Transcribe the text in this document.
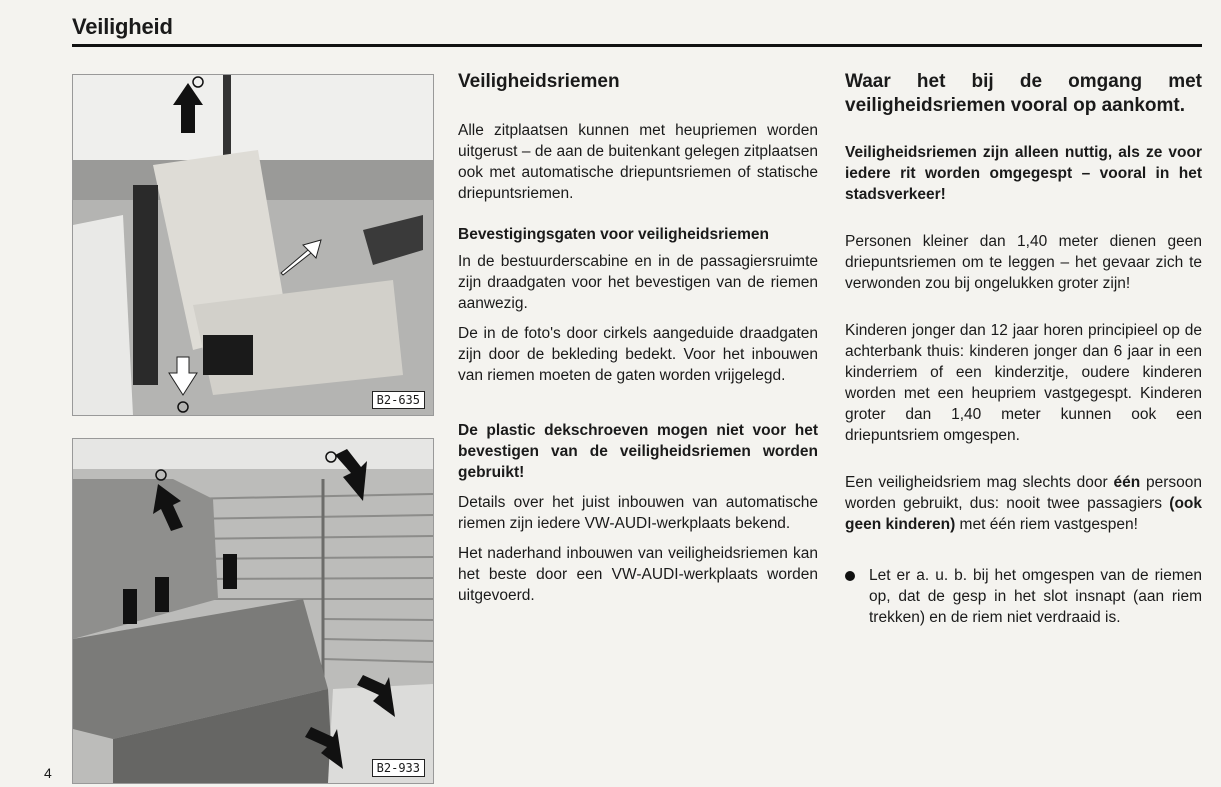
Veiligheid
B2-635
B2-933

Veiligheidsriemen

Alle zitplaatsen kunnen met heupriemen worden uitgerust – de aan de buitenkant gelegen zitplaatsen ook met automatische driepuntsriemen of statische driepuntsriemen.

Bevestigingsgaten voor veiligheidsriemen

In de bestuurderscabine en in de passagiersruimte zijn draadgaten voor het bevestigen van de riemen aanwezig.

De in de foto's door cirkels aangeduide draadgaten zijn door de bekleding bedekt. Voor het inbouwen van riemen moeten de gaten worden vrijgelegd.

De plastic dekschroeven mogen niet voor het bevestigen van de veiligheidsriemen worden gebruikt!

Details over het juist inbouwen van automatische riemen zijn iedere VW-AUDI-werkplaats bekend.

Het naderhand inbouwen van veiligheidsriemen kan het beste door een VW-AUDI-werkplaats worden uitgevoerd.

Waar het bij de omgang met veiligheidsriemen vooral op aankomt.

Veiligheidsriemen zijn alleen nuttig, als ze voor iedere rit worden omgegespt – vooral in het stadsverkeer!

Personen kleiner dan 1,40 meter dienen geen driepuntsriemen om te leggen – het gevaar zich te verwonden zou bij ongelukken groter zijn!

Kinderen jonger dan 12 jaar horen principieel op de achterbank thuis: kinderen jonger dan 6 jaar in een kinderriem of een kinderzitje, oudere kinderen worden met een heupriem vastgegespt. Kinderen groter dan 1,40 meter kunnen ook een driepuntsriem omgespen.

Een veiligheidsriem mag slechts door één persoon worden gebruikt, dus: nooit twee passagiers (ook geen kinderen) met één riem vastgespen!

Let er a. u. b. bij het omgespen van de riemen op, dat de gesp in het slot insnapt (aan riem trekken) en de riem niet verdraaid is.

4
